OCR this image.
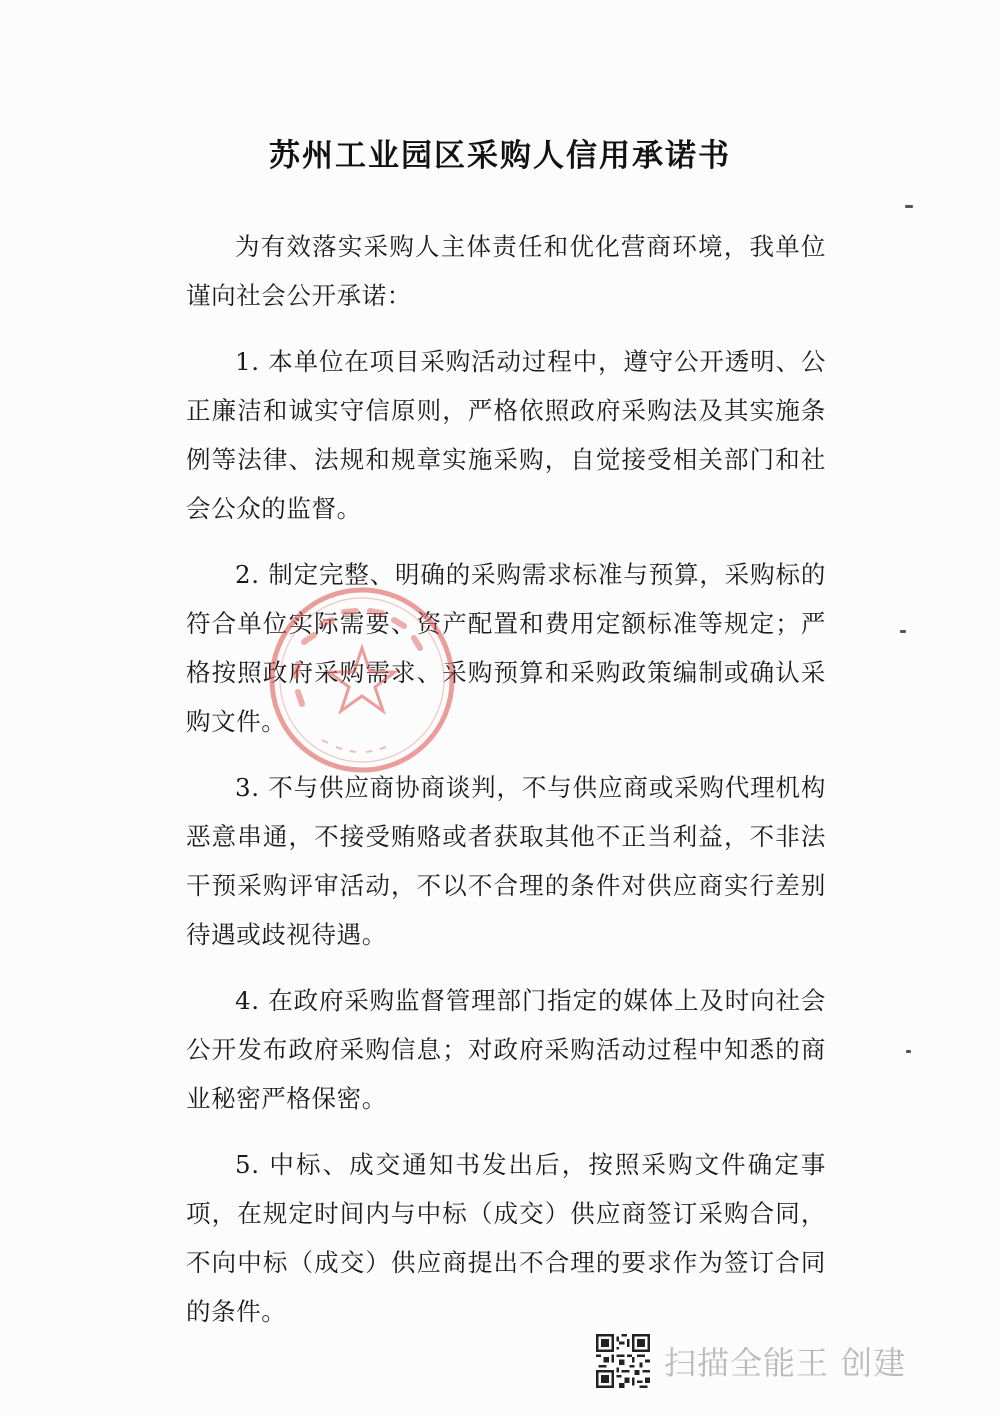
苏州工业园区采购人信用承诺书

为有效落实采购人主体责任和优化营商环境，我单位谨向社会公开承诺：

1. 本单位在项目采购活动过程中，遵守公开透明、公正廉洁和诚实守信原则，严格依照政府采购法及其实施条例等法律、法规和规章实施采购，自觉接受相关部门和社会公众的监督。

2. 制定完整、明确的采购需求标准与预算，采购标的符合单位实际需要、资产配置和费用定额标准等规定；严格按照政府采购需求、采购预算和采购政策编制或确认采购文件。

3. 不与供应商协商谈判，不与供应商或采购代理机构恶意串通，不接受贿赂或者获取其他不正当利益，不非法干预采购评审活动，不以不合理的条件对供应商实行差别待遇或歧视待遇。

4. 在政府采购监督管理部门指定的媒体上及时向社会公开发布政府采购信息；对政府采购活动过程中知悉的商业秘密严格保密。

5. 中标、成交通知书发出后，按照采购文件确定事项，在规定时间内与中标（成交）供应商签订采购合同，不向中标（成交）供应商提出不合理的要求作为签订合同的条件。

扫描全能王 创建
